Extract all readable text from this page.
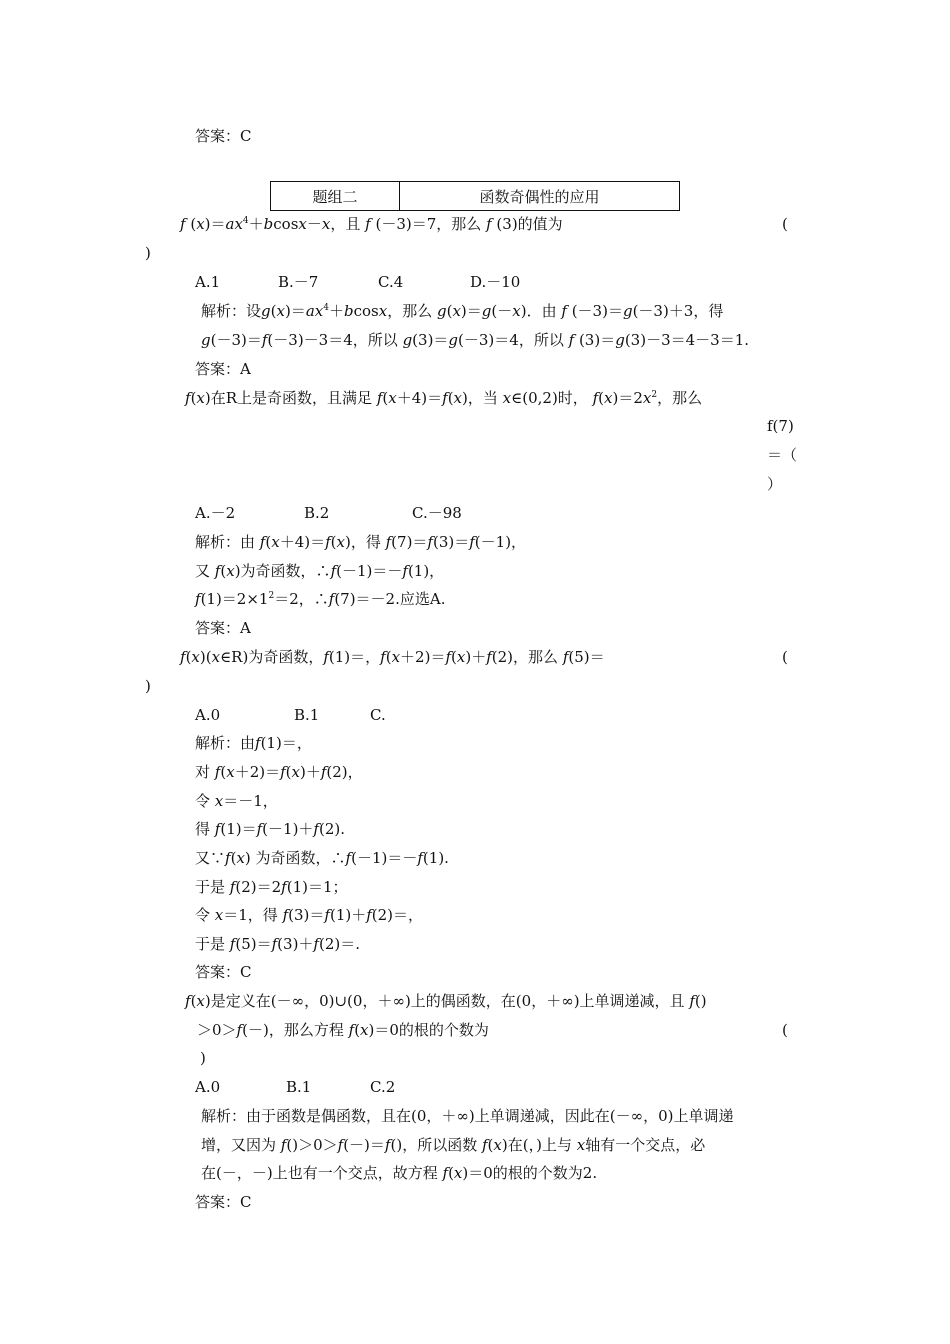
答案：C
题组二	函数奇偶性的应用
f $(x)=ax^4+bcosx-x$，且 f (－3)＝7，那么 f (3)的值为	(
)
A.1	B.－7	C.4	D.－10
解析：设$g(x)=ax^4+bcosx$，那么 g(x)＝g(－x)．由 f (－3)＝g(－3)＋3，得
g(－3)＝f(－3)－3＝4，所以 g(3)＝g(－3)＝4，所以 f (3)＝g(3)－3＝4－3＝1.
答案：A
f(x)在R上是奇函数，且满足 f(x＋4)＝f(x)，当 x∈(0,2)时， $f(x)=2x^2$，那么
f(7)
＝（
）
A.－2	B.2	C.－98
解析：由 f(x＋4)＝f(x)，得 f(7)＝f(3)＝f(－1)，
又 f(x)为奇函数，∴f(－1)＝－f(1)，
$f(1)=2\times 1^2=2$，∴f(7)＝－2.应选A.
答案：A
f(x)(x∈R)为奇函数，f(1)＝，f(x＋2)＝f(x)＋f(2)，那么 f(5)＝	(
)
A.0	B.1	C.
解析：由f(1)＝，
对 f(x＋2)＝f(x)＋f(2)，
令 x＝－1，
得 f(1)＝f(－1)＋f(2).
又∵f(x) 为奇函数，∴f(－1)＝－f(1).
于是 f(2)＝2f(1)＝1；
令 x＝1，得 f(3)＝f(1)＋f(2)＝，
于是 f(5)＝f(3)＋f(2)＝.
答案：C
f(x)是定义在(－∞，0)∪(0，＋∞)上的偶函数，在(0，＋∞)上单调递减，且 f()
＞0＞f(－)，那么方程 f(x)＝0的根的个数为	(
)
A.0	B.1	C.2
解析：由于函数是偶函数，且在(0，＋∞)上单调递减，因此在(－∞，0)上单调递
增，又因为 f()＞0＞f(－)＝f()，所以函数 f(x)在(，)上与 x轴有一个交点，必
在(－，－)上也有一个交点，故方程 f(x)＝0的根的个数为2.
答案：C
